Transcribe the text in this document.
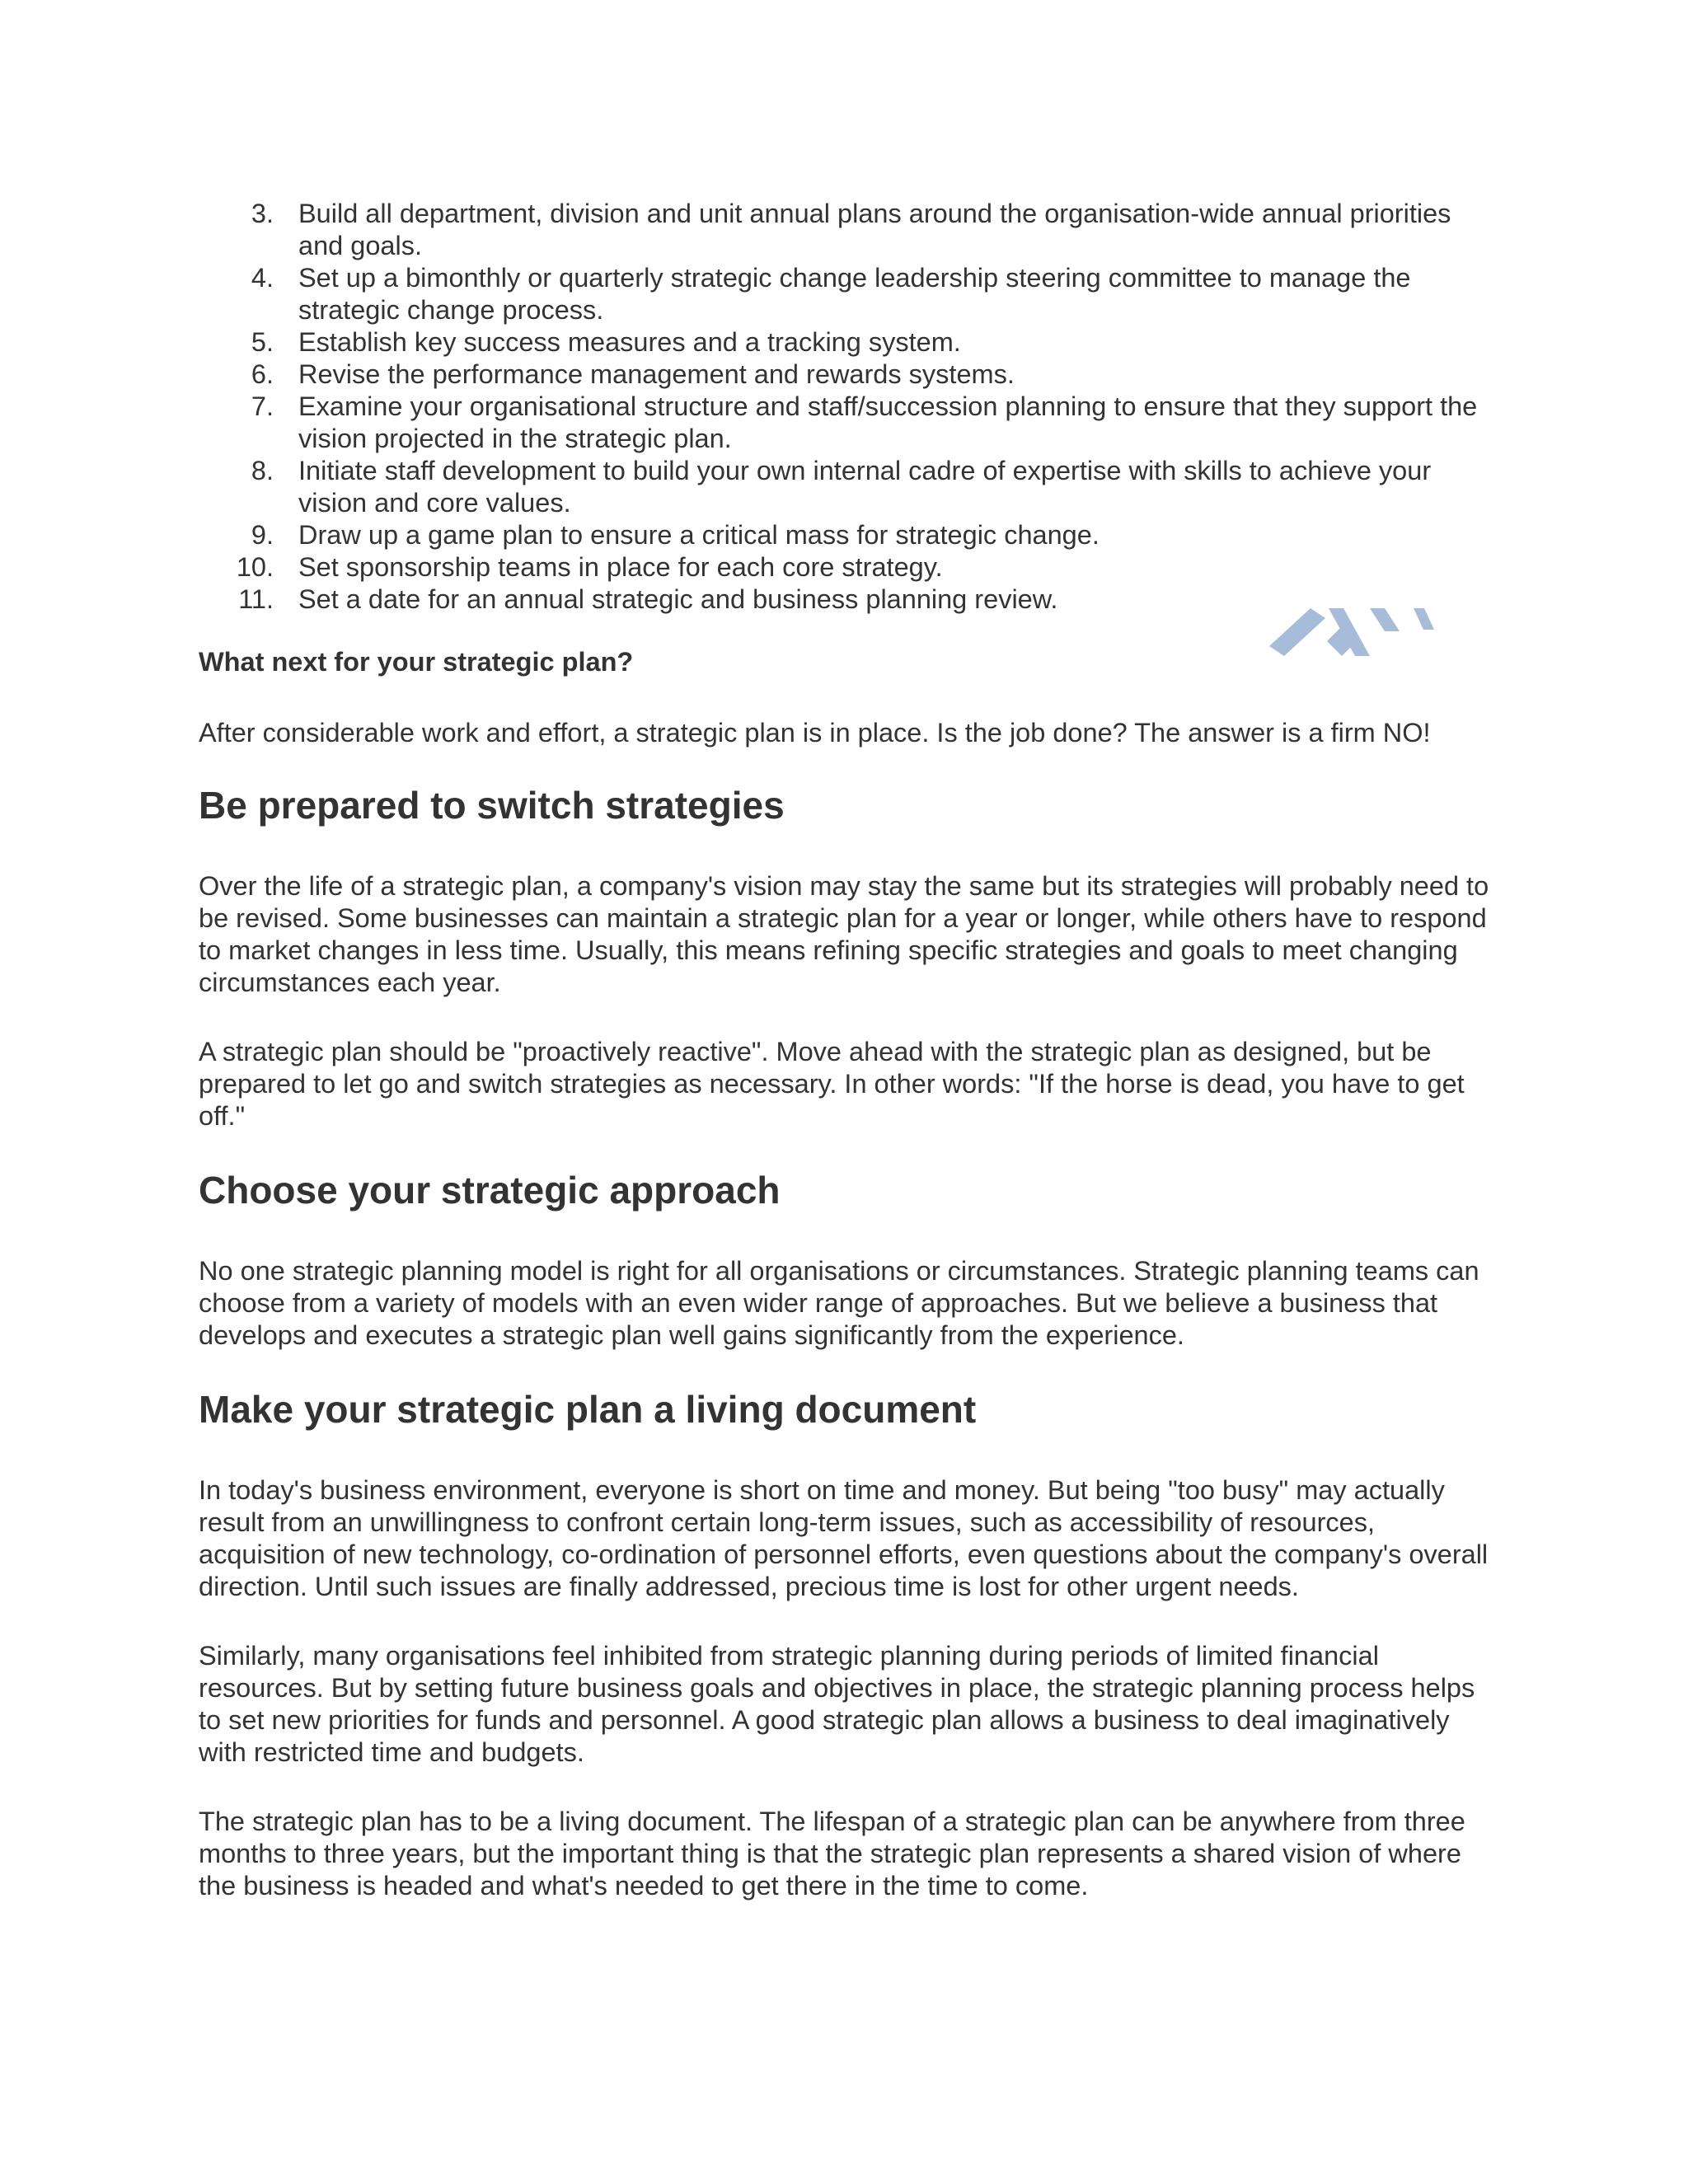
3. Build all department, division and unit annual plans around the organisation-wide annual priorities and goals.
4. Set up a bimonthly or quarterly strategic change leadership steering committee to manage the strategic change process.
5. Establish key success measures and a tracking system.
6. Revise the performance management and rewards systems.
7. Examine your organisational structure and staff/succession planning to ensure that they support the vision projected in the strategic plan.
8. Initiate staff development to build your own internal cadre of expertise with skills to achieve your vision and core values.
9. Draw up a game plan to ensure a critical mass for strategic change.
10. Set sponsorship teams in place for each core strategy.
11. Set a date for an annual strategic and business planning review.
What next for your strategic plan?

After considerable work and effort, a strategic plan is in place. Is the job done? The answer is a firm NO!

Be prepared to switch strategies

Over the life of a strategic plan, a company's vision may stay the same but its strategies will probably need to be revised. Some businesses can maintain a strategic plan for a year or longer, while others have to respond to market changes in less time. Usually, this means refining specific strategies and goals to meet changing circumstances each year.

A strategic plan should be "proactively reactive". Move ahead with the strategic plan as designed, but be prepared to let go and switch strategies as necessary. In other words: "If the horse is dead, you have to get off."

Choose your strategic approach

No one strategic planning model is right for all organisations or circumstances. Strategic planning teams can choose from a variety of models with an even wider range of approaches. But we believe a business that develops and executes a strategic plan well gains significantly from the experience.

Make your strategic plan a living document

In today's business environment, everyone is short on time and money. But being "too busy" may actually result from an unwillingness to confront certain long-term issues, such as accessibility of resources, acquisition of new technology, co-ordination of personnel efforts, even questions about the company's overall direction. Until such issues are finally addressed, precious time is lost for other urgent needs.

Similarly, many organisations feel inhibited from strategic planning during periods of limited financial resources. But by setting future business goals and objectives in place, the strategic planning process helps to set new priorities for funds and personnel. A good strategic plan allows a business to deal imaginatively with restricted time and budgets.

The strategic plan has to be a living document. The lifespan of a strategic plan can be anywhere from three months to three years, but the important thing is that the strategic plan represents a shared vision of where the business is headed and what's needed to get there in the time to come.
